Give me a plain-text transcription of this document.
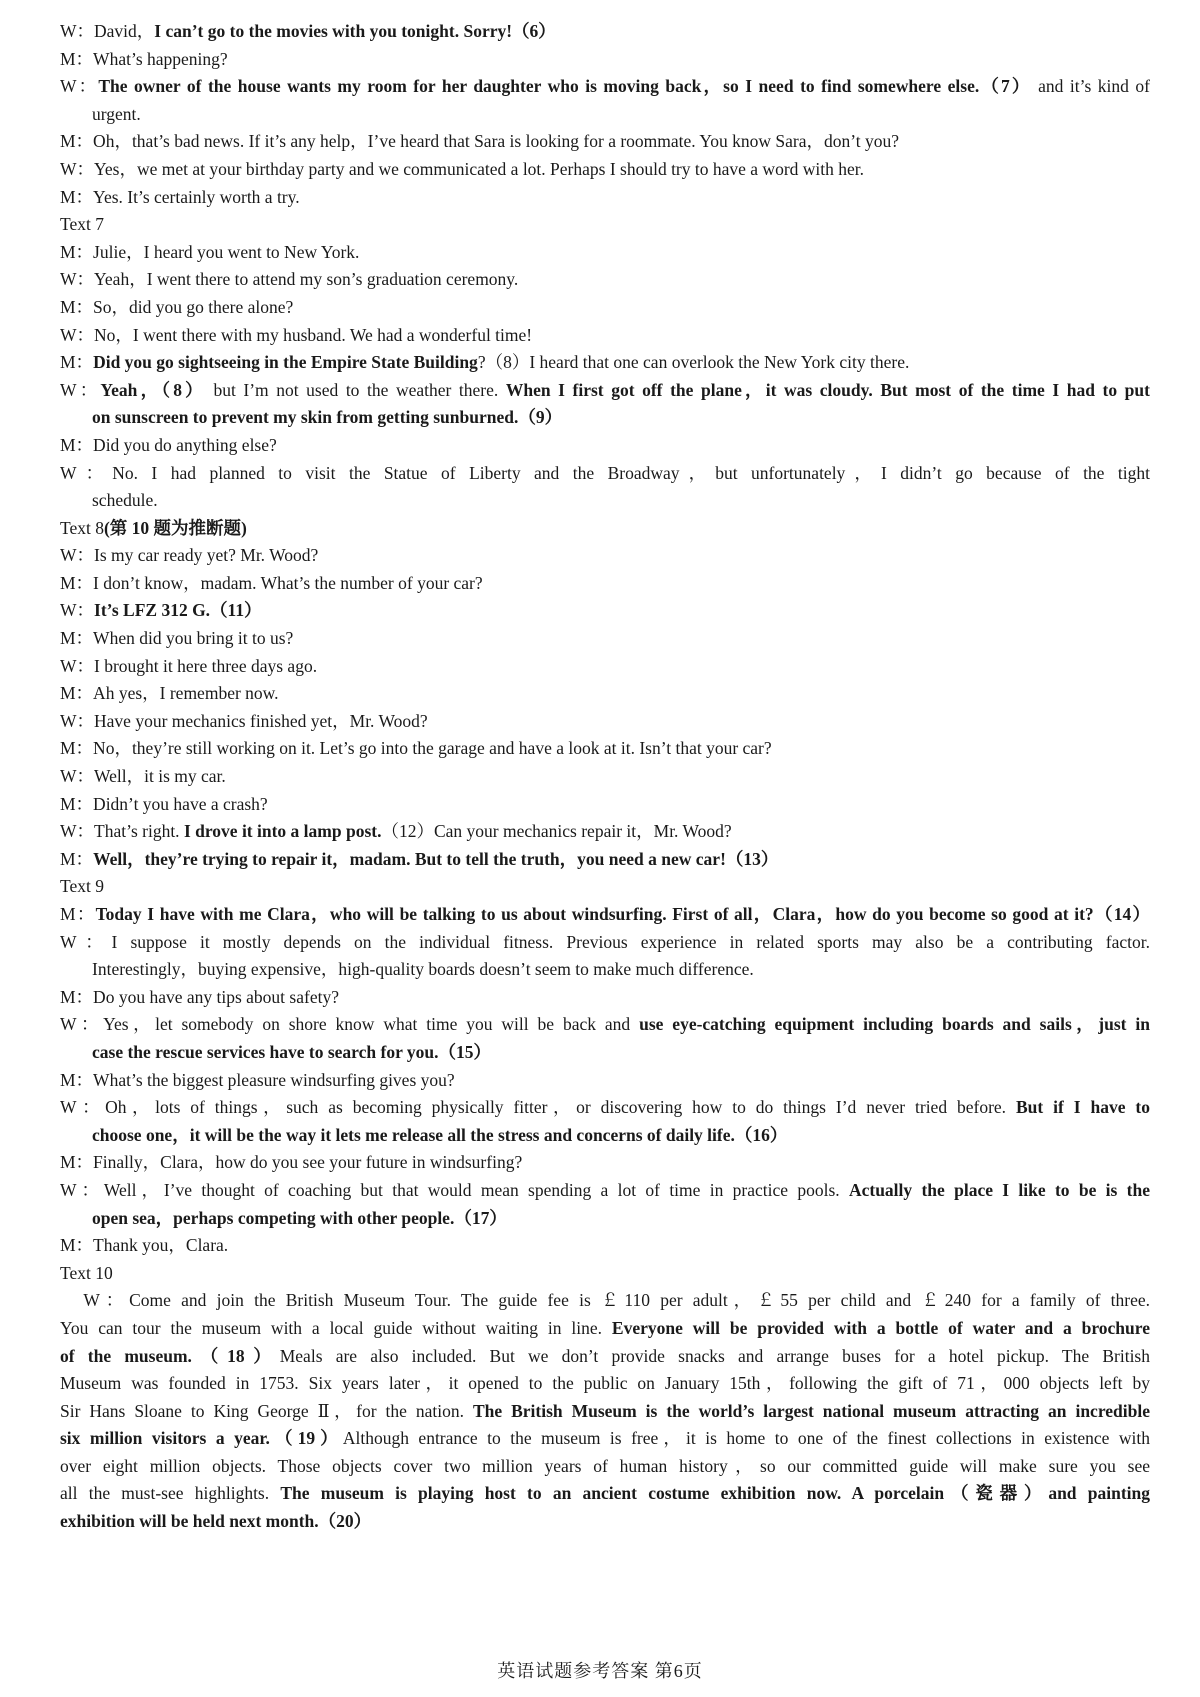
W：David，I can’t go to the movies with you tonight. Sorry!（6）
M：What’s happening?
W：The owner of the house wants my room for her daughter who is moving back，so I need to find somewhere else.（7） and it’s kind of
urgent.
M：Oh，that’s bad news. If it’s any help，I’ve heard that Sara is looking for a roommate. You know Sara，don’t you?
W：Yes，we met at your birthday party and we communicated a lot. Perhaps I should try to have a word with her.
M：Yes. It’s certainly worth a try.
Text 7
M：Julie，I heard you went to New York.
W：Yeah，I went there to attend my son’s graduation ceremony.
M：So，did you go there alone?
W：No，I went there with my husband. We had a wonderful time!
M：Did you go sightseeing in the Empire State Building?（8）I heard that one can overlook the New York city there.
W：Yeah，（8） but I’m not used to the weather there. When I first got off the plane，it was cloudy. But most of the time I had to put
on sunscreen to prevent my skin from getting sunburned.（9）
M：Did you do anything else?
W：No. I had planned to visit the Statue of Liberty and the Broadway，but unfortunately，I didn’t go because of the tight
schedule.
Text 8(第 10 题为推断题)
W：Is my car ready yet? Mr. Wood?
M：I don’t know，madam. What’s the number of your car?
W：It’s LFZ 312 G.（11）
M：When did you bring it to us?
W：I brought it here three days ago.
M：Ah yes，I remember now.
W：Have your mechanics finished yet，Mr. Wood?
M：No，they’re still working on it. Let’s go into the garage and have a look at it. Isn’t that your car?
W：Well，it is my car.
M：Didn’t you have a crash?
W：That’s right. I drove it into a lamp post.（12）Can your mechanics repair it，Mr. Wood?
M：Well，they’re trying to repair it，madam. But to tell the truth，you need a new car!（13）
Text 9
M：Today I have with me Clara，who will be talking to us about windsurfing. First of all，Clara，how do you become so good at it?（14）
W：I suppose it mostly depends on the individual fitness. Previous experience in related sports may also be a contributing factor.
Interestingly，buying expensive，high-quality boards doesn’t seem to make much difference.
M：Do you have any tips about safety?
W：Yes，let somebody on shore know what time you will be back and use eye-catching equipment including boards and sails，just in
case the rescue services have to search for you.（15）
M：What’s the biggest pleasure windsurfing gives you?
W：Oh，lots of things，such as becoming physically fitter，or discovering how to do things I’d never tried before. But if I have to
choose one，it will be the way it lets me release all the stress and concerns of daily life.（16）
M：Finally，Clara，how do you see your future in windsurfing?
W：Well，I’ve thought of coaching but that would mean spending a lot of time in practice pools. Actually the place I like to be is the
open sea，perhaps competing with other people.（17）
M：Thank you，Clara.
Text 10
　W：Come and join the British Museum Tour. The guide fee is ￡110 per adult，￡55 per child and ￡240 for a family of three.
You can tour the museum with a local guide without waiting in line. Everyone will be provided with a bottle of water and a brochure
of the museum.（18）Meals are also included. But we don’t provide snacks and arrange buses for a hotel pickup. The British
Museum was founded in 1753. Six years later，it opened to the public on January 15th，following the gift of 71，000 objects left by
Sir Hans Sloane to King George Ⅱ，for the nation. The British Museum is the world’s largest national museum attracting an incredible
six million visitors a year.（19）Although entrance to the museum is free，it is home to one of the finest collections in existence with
over eight million objects. Those objects cover two million years of human history，so our committed guide will make sure you see
all the must-see highlights. The museum is playing host to an ancient costume exhibition now. A porcelain（瓷器）and painting
exhibition will be held next month.（20）
英语试题参考答案 第6页
